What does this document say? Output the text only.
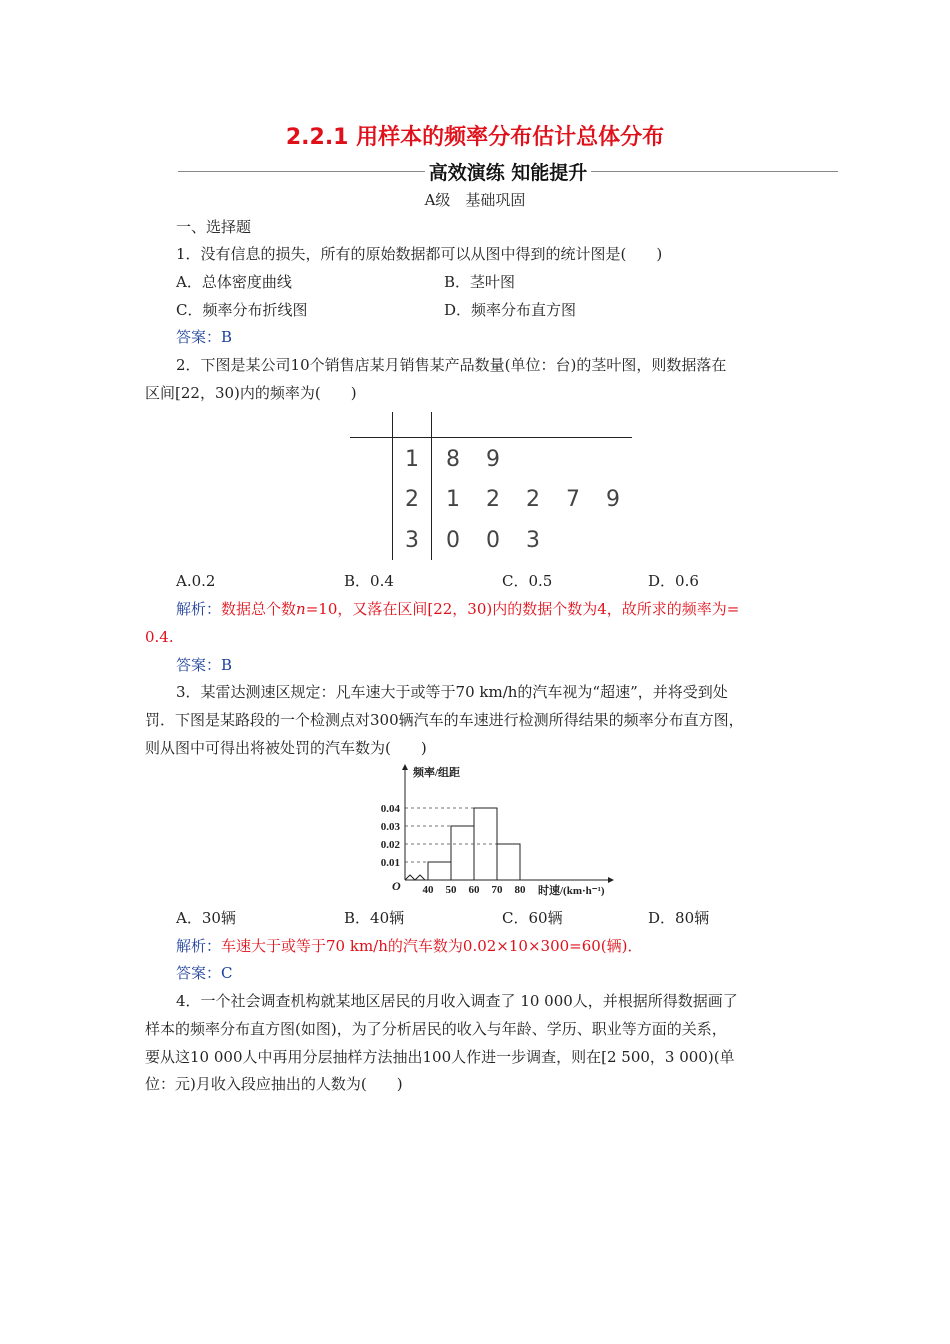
2.2.1 用样本的频率分布估计总体分布
高效演练 知能提升
A级　基础巩固
一、选择题
1．没有信息的损失，所有的原始数据都可以从图中得到的统计图是(　　)
A．总体密度曲线	B．茎叶图
C．频率分布折线图	D．频率分布直方图
答案：B
2．下图是某公司10个销售店某月销售某产品数量(单位：台)的茎叶图，则数据落在
区间[22，30)内的频率为(　　)
1 8 9
2 1 2 2 7 9
3 0 0 3
A.0.2	B．0.4	C．0.5	D．0.6
解析：数据总个数n=10，又落在区间[22，30)内的数据个数为4，故所求的频率为=
0.4.
答案：B
3．某雷达测速区规定：凡车速大于或等于70 km/h的汽车视为“超速”，并将受到处
罚．下图是某路段的一个检测点对300辆汽车的车速进行检测所得结果的频率分布直方图，
则从图中可得出将被处罚的汽车数为(　　)
频率/组距
时速/(km·h⁻¹)
O
0.01
0.02
0.03
0.04
40 50 60 70 80
A．30辆	B．40辆	C．60辆	D．80辆
解析：车速大于或等于70 km/h的汽车数为0.02×10×300=60(辆)．
答案：C
4．一个社会调查机构就某地区居民的月收入调查了 10 000人，并根据所得数据画了
样本的频率分布直方图(如图)，为了分析居民的收入与年龄、学历、职业等方面的关系，
要从这10 000人中再用分层抽样方法抽出100人作进一步调查，则在[2 500，3 000)(单
位：元)月收入段应抽出的人数为(　　)
